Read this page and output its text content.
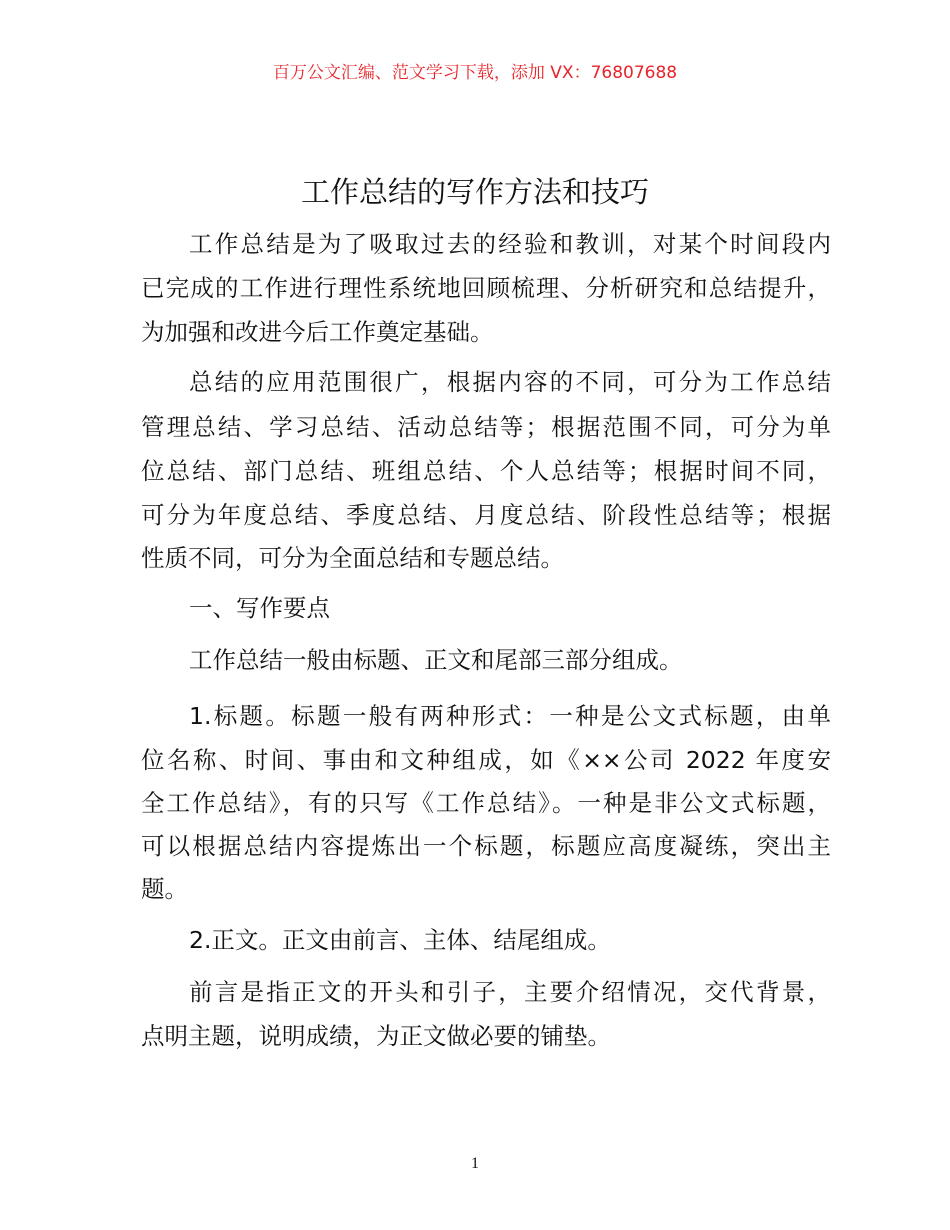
百万公文汇编、范文学习下载，添加 VX：76807688
工作总结的写作方法和技巧
工作总结是为了吸取过去的经验和教训，对某个时间段内
已完成的工作进行理性系统地回顾梳理、分析研究和总结提升，
为加强和改进今后工作奠定基础。
总结的应用范围很广，根据内容的不同，可分为工作总结
管理总结、学习总结、活动总结等；根据范围不同，可分为单
位总结、部门总结、班组总结、个人总结等；根据时间不同，
可分为年度总结、季度总结、月度总结、阶段性总结等；根据
性质不同，可分为全面总结和专题总结。
一、写作要点
工作总结一般由标题、正文和尾部三部分组成。
1.标题。标题一般有两种形式：一种是公文式标题，由单
位名称、时间、事由和文种组成，如《××公司 2022 年度安
全工作总结》，有的只写《工作总结》。一种是非公文式标题，
可以根据总结内容提炼出一个标题，标题应高度凝练，突出主
题。
2.正文。正文由前言、主体、结尾组成。
前言是指正文的开头和引子，主要介绍情况，交代背景，
点明主题，说明成绩，为正文做必要的铺垫。
1
